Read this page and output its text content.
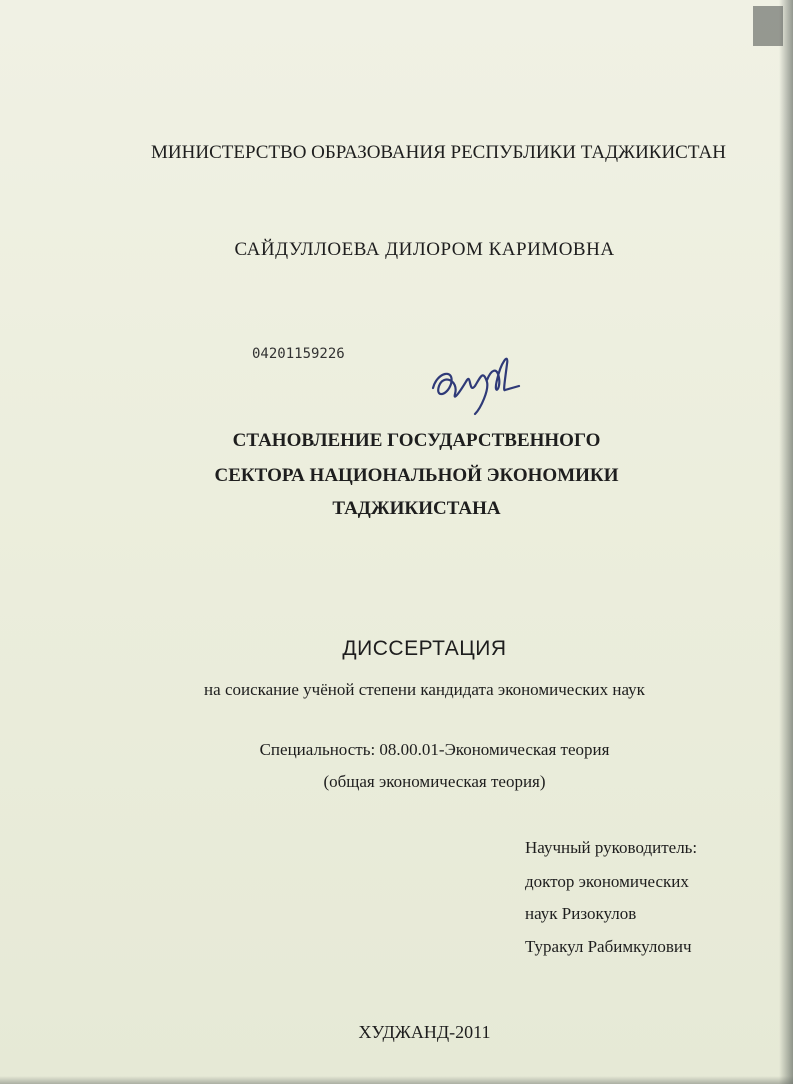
МИНИСТЕРСТВО ОБРАЗОВАНИЯ РЕСПУБЛИКИ ТАДЖИКИСТАН

САЙДУЛЛОЕВА ДИЛОРОМ КАРИМОВНА

04201159226

СТАНОВЛЕНИЕ ГОСУДАРСТВЕННОГО

СЕКТОРА НАЦИОНАЛЬНОЙ ЭКОНОМИКИ

ТАДЖИКИСТАНА

ДИССЕРТАЦИЯ

на соискание учёной степени кандидата экономических наук

Специальность: 08.00.01-Экономическая теория

(общая экономическая теория)

Научный руководитель:

доктор экономических

наук Ризокулов

Туракул Рабимкулович

ХУДЖАНД-2011
